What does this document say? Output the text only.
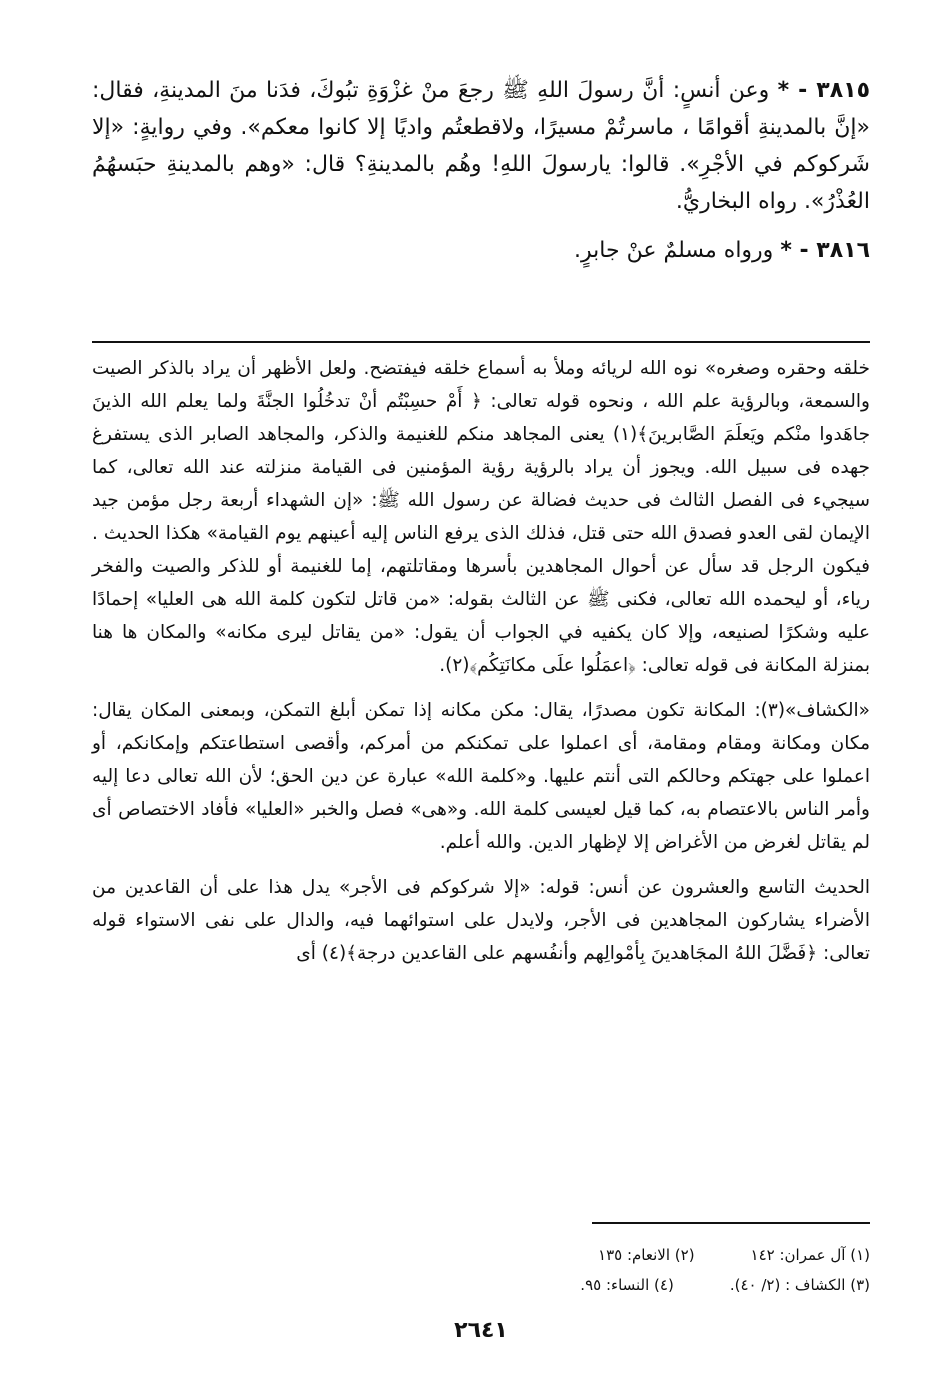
٣٨١٥ - * وعن أنسٍ: أنَّ رسولَ اللهِ ﷺ رجعَ منْ غزْوَةِ تبُوكَ، فدَنا منَ المدينةِ، فقال: «إنَّ بالمدينةِ أقوامًا ، ماسرتُمْ مسيرًا، ولاقطعتُم واديًا إلا كانوا معكم». وفي روايةٍ: «إلا شَركوكم في الأجْرِ». قالوا: يارسولَ اللهِ! وهُم بالمدينةِ؟ قال: «وهم بالمدينةِ حبَسهُمُ العُذْرُ». رواه البخاريُّ.

٣٨١٦ - * ورواه مسلمٌ عنْ جابرٍ.

خلقه وحقره وصغره» نوه الله لريائه وملأ به أسماع خلقه فيفتضح. ولعل الأظهر أن يراد بالذكر الصيت والسمعة، وبالرؤية علم الله ، ونحوه قوله تعالى: ﴿ أَمْ حسِبْتُم أنْ تدخُلُوا الجنَّةَ ولما يعلم الله الذينَ جاهَدوا منْكم ويَعلَمَ الصَّابرينَ﴾(١) يعنى المجاهد منكم للغنيمة والذكر، والمجاهد الصابر الذى يستفرغ جهده فى سبيل الله. ويجوز أن يراد بالرؤية رؤية المؤمنين فى القيامة منزلته عند الله تعالى، كما سيجيء فى الفصل الثالث فى حديث فضالة عن رسول الله ﷺ: «إن الشهداء أربعة رجل مؤمن جيد الإيمان لقى العدو فصدق الله حتى قتل، فذلك الذى يرفع الناس إليه أعينهم يوم القيامة» هكذا الحديث . فيكون الرجل قد سأل عن أحوال المجاهدين بأسرها ومقاتلتهم، إما للغنيمة أو للذكر والصيت والفخر رياء، أو ليحمده الله تعالى، فكنى ﷺ عن الثالث بقوله: «من قاتل لتكون كلمة الله هى العليا» إحمادًا عليه وشكرًا لصنيعه، وإلا كان يكفيه في الجواب أن يقول: «من يقاتل ليرى مكانه» والمكان ها هنا بمنزلة المكانة فى قوله تعالى: ﴿اعمَلُوا علَى مكانَتِكُم﴾(٢).

«الكشاف»(٣): المكانة تكون مصدرًا، يقال: مكن مكانه إذا تمكن أبلغ التمكن، وبمعنى المكان يقال: مكان ومكانة ومقام ومقامة، أى اعملوا على تمكنكم من أمركم، وأقصى استطاعتكم وإمكانكم، أو اعملوا على جهتكم وحالكم التى أنتم عليها. و«كلمة الله» عبارة عن دين الحق؛ لأن الله تعالى دعا إليه وأمر الناس بالاعتصام به، كما قيل لعيسى كلمة الله. و«هى» فصل والخبر «العليا» فأفاد الاختصاص أى لم يقاتل لغرض من الأغراض إلا لإظهار الدين. والله أعلم.

الحديث التاسع والعشرون عن أنس: قوله: «إلا شركوكم فى الأجر» يدل هذا على أن القاعدين من الأضراء يشاركون المجاهدين فى الأجر، ولايدل على استوائهما فيه، والدال على نفى الاستواء قوله تعالى: ﴿فَضَّلَ اللهُ المجَاهدينَ بِأمْوالِهم وأنفُسهم على القاعدين درجة﴾(٤) أى

(١) آل عمران: ١٤٢
(٢) الانعام: ١٣٥
(٣) الكشاف : (٢/ ٤٠).
(٤) النساء: ٩٥.
٢٦٤١
